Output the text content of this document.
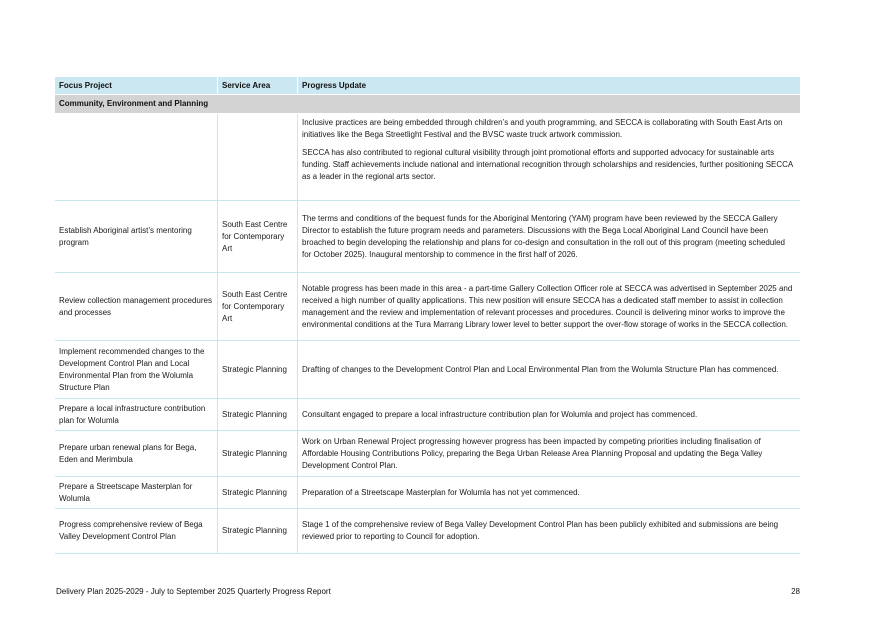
Focus Project	Service Area	Progress Update
Community, Environment and Planning		

		Inclusive practices are being embedded through children’s and youth programming, and SECCA is collaborating with South East Arts on initiatives like the Bega Streetlight Festival and the BVSC waste truck artwork commission.

SECCA has also contributed to regional cultural visibility through joint promotional efforts and supported advocacy for sustainable arts funding. Staff achievements include national and international recognition through scholarships and residencies, further positioning SECCA as a leader in the regional arts sector.

Establish Aboriginal artist’s mentoring program	South East Centre for Contemporary Art	The terms and conditions of the bequest funds for the Aboriginal Mentoring (YAM) program have been reviewed by the SECCA Gallery Director to establish the future program needs and parameters. Discussions with the Bega Local Aboriginal Land Council have been broached to begin developing the relationship and plans for co-design and consultation in the roll out of this program (meeting scheduled for October 2025). Inaugural mentorship to commence in the first half of 2026.

Review collection management procedures and processes	South East Centre for Contemporary Art	Notable progress has been made in this area - a part-time Gallery Collection Officer role at SECCA was advertised in September 2025 and received a high number of quality applications. This new position will ensure SECCA has a dedicated staff member to assist in collection management and the review and implementation of relevant processes and procedures. Council is delivering minor works to improve the environmental conditions at the Tura Marrang Library lower level to better support the over-flow storage of works in the SECCA collection.

Implement recommended changes to the Development Control Plan and Local Environmental Plan from the Wolumla Structure Plan	Strategic Planning	Drafting of changes to the Development Control Plan and Local Environmental Plan from the Wolumla Structure Plan has commenced.

Prepare a local infrastructure contribution plan for Wolumla	Strategic Planning	Consultant engaged to prepare a local infrastructure contribution plan for Wolumla and project has commenced.

Prepare urban renewal plans for Bega, Eden and Merimbula	Strategic Planning	Work on Urban Renewal Project progressing however progress has been impacted by competing priorities including finalisation of Affordable Housing Contributions Policy, preparing the Bega Urban Release Area Planning Proposal and updating the Bega Valley Development Control Plan.

Prepare a Streetscape Masterplan for Wolumla	Strategic Planning	Preparation of a Streetscape Masterplan for Wolumla has not yet commenced.

Progress comprehensive review of Bega Valley Development Control Plan	Strategic Planning	Stage 1 of the comprehensive review of Bega Valley Development Control Plan has been publicly exhibited and submissions are being reviewed prior to reporting to Council for adoption.

Delivery Plan 2025-2029 - July to September 2025 Quarterly Progress Report	28
